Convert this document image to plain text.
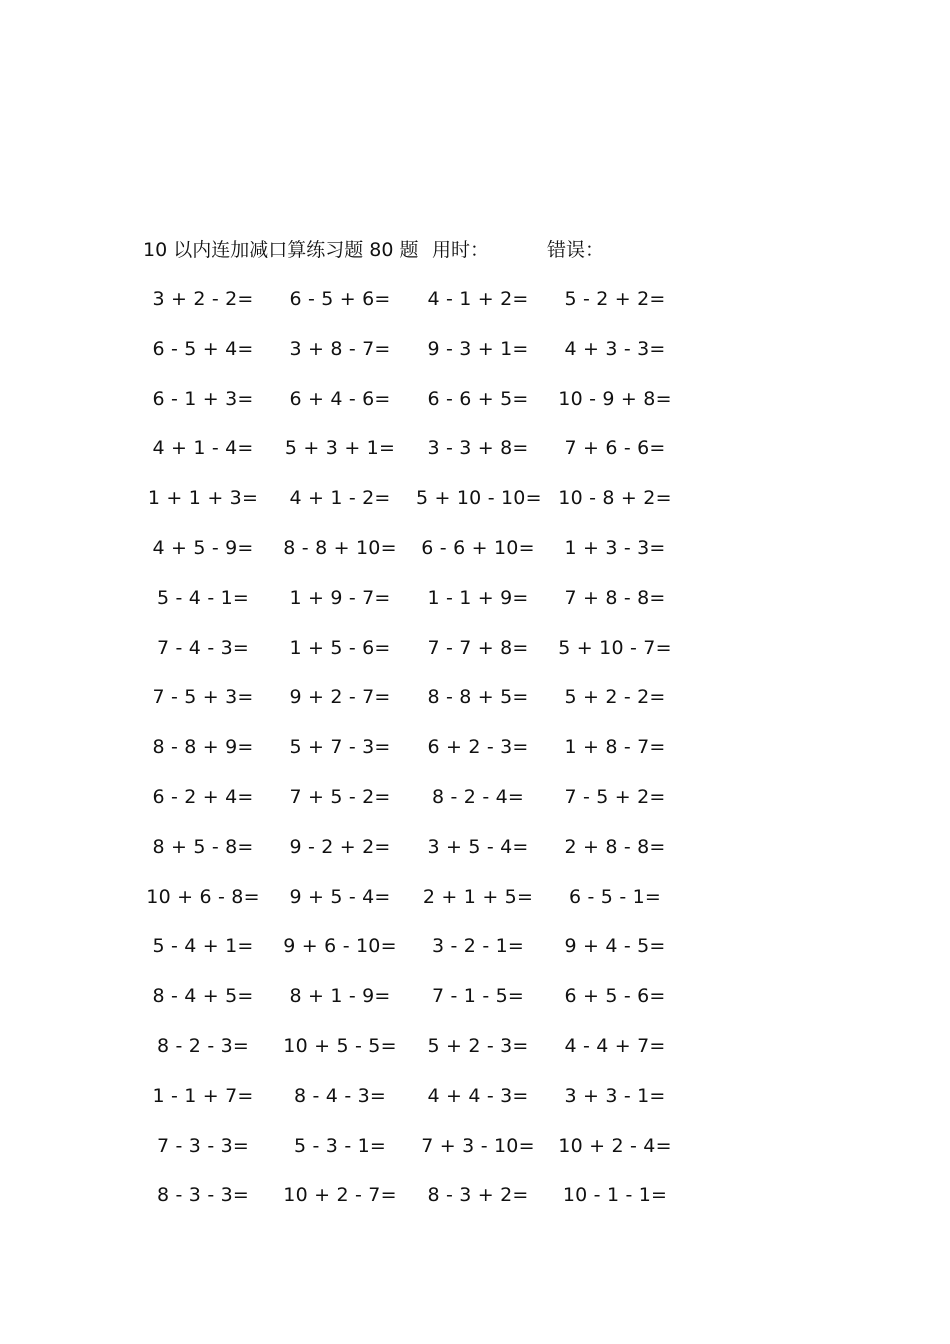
10 以内连加减口算练习题 80 题 用时：	错误：
3 + 2 - 2=	6 - 5 + 6=	4 - 1 + 2=	5 - 2 + 2=
6 - 5 + 4=	3 + 8 - 7=	9 - 3 + 1=	4 + 3 - 3=
6 - 1 + 3=	6 + 4 - 6=	6 - 6 + 5=	10 - 9 + 8=
4 + 1 - 4=	5 + 3 + 1=	3 - 3 + 8=	7 + 6 - 6=
1 + 1 + 3=	4 + 1 - 2=	5 + 10 - 10= 10 - 8 + 2=
4 + 5 - 9=	8 - 8 + 10= 6 - 6 + 10=	1 + 3 - 3=
5 - 4 - 1=	1 + 9 - 7=	1 - 1 + 9=	7 + 8 - 8=
7 - 4 - 3=	1 + 5 - 6=	7 - 7 + 8=	5 + 10 - 7=
7 - 5 + 3=	9 + 2 - 7=	8 - 8 + 5=	5 + 2 - 2=
8 - 8 + 9=	5 + 7 - 3=	6 + 2 - 3=	1 + 8 - 7=
6 - 2 + 4=	7 + 5 - 2=	8 - 2 - 4=	7 - 5 + 2=
8 + 5 - 8=	9 - 2 + 2=	3 + 5 - 4=	2 + 8 - 8=
10 + 6 - 8=	9 + 5 - 4=	2 + 1 + 5=	6 - 5 - 1=
5 - 4 + 1=	9 + 6 - 10=	3 - 2 - 1=	9 + 4 - 5=
8 - 4 + 5=	8 + 1 - 9=	7 - 1 - 5=	6 + 5 - 6=
8 - 2 - 3=	10 + 5 - 5=	5 + 2 - 3=	4 - 4 + 7=
1 - 1 + 7=	8 - 4 - 3=	4 + 4 - 3=	3 + 3 - 1=
7 - 3 - 3=	5 - 3 - 1=	7 + 3 - 10= 10 + 2 - 4=
8 - 3 - 3=	10 + 2 - 7=	8 - 3 + 2=	10 - 1 - 1=
